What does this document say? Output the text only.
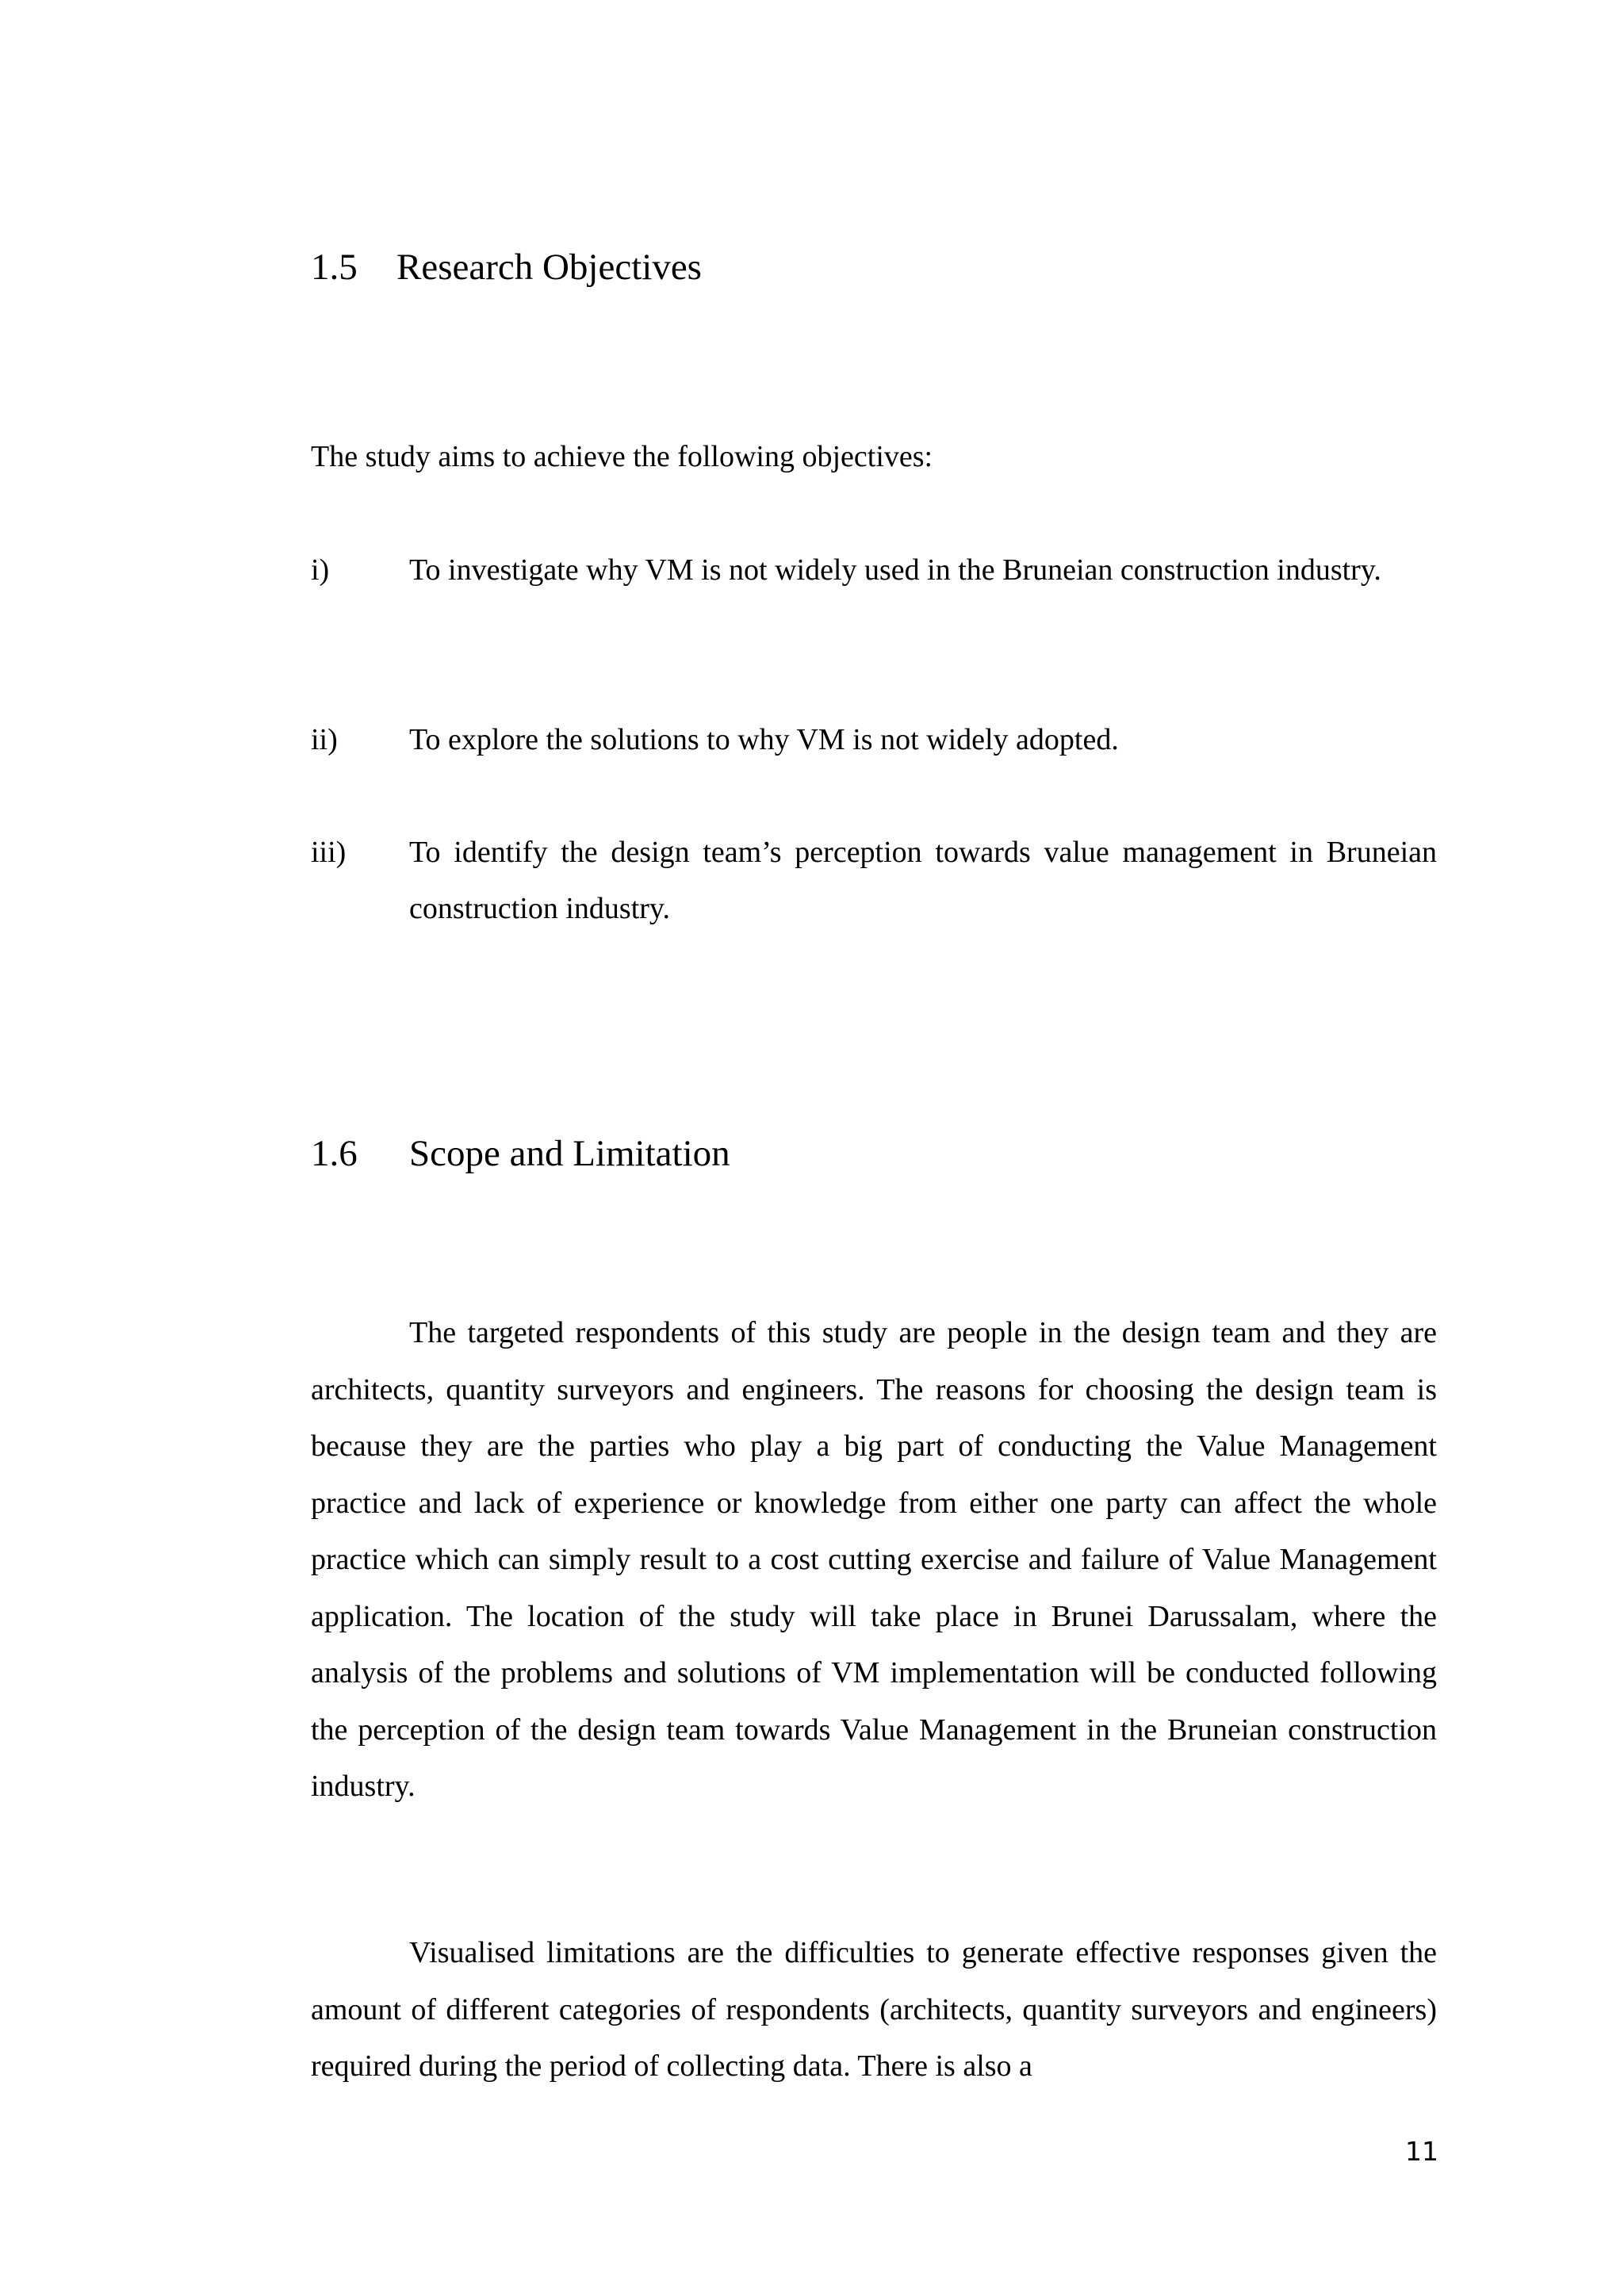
1.5 Research Objectives

The study aims to achieve the following objectives:

i)	To investigate why VM is not widely used in the Bruneian construction industry.
ii) To explore the solutions to why VM is not widely adopted.
iii) To identify the design team’s perception towards value management in Bruneian construction industry.
1.6 Scope and Limitation

The targeted respondents of this study are people in the design team and they are architects, quantity surveyors and engineers. The reasons for choosing the design team is because they are the parties who play a big part of conducting the Value Management practice and lack of experience or knowledge from either one party can affect the whole practice which can simply result to a cost cutting exercise and failure of Value Management application. The location of the study will take place in Brunei Darussalam, where the analysis of the problems and solutions of VM implementation will be conducted following the perception of the design team towards Value Management in the Bruneian construction industry.

Visualised limitations are the difficulties to generate effective responses given the amount of different categories of respondents (architects, quantity surveyors and engineers) required during the period of collecting data. There is also a

11
